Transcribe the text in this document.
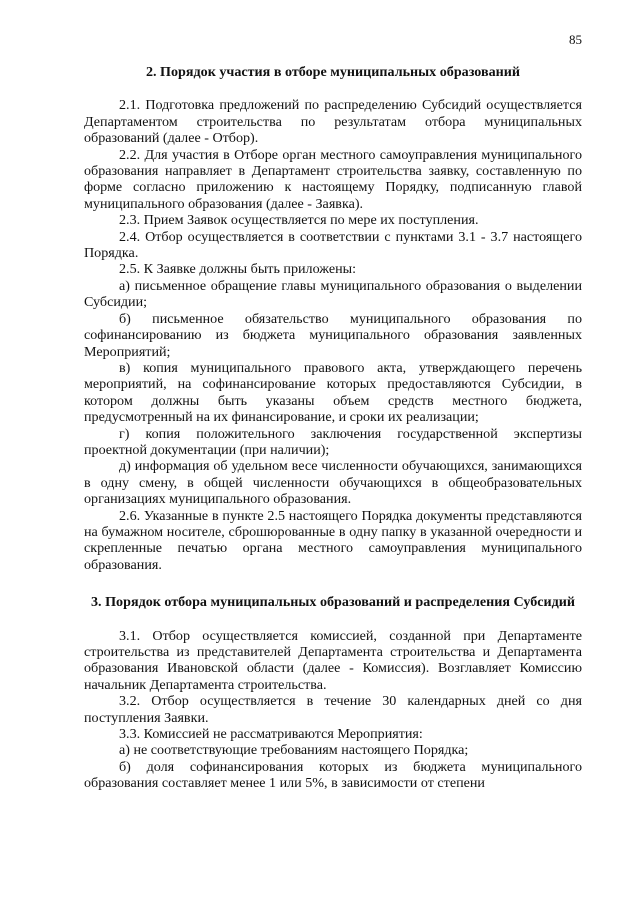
85
2. Порядок участия в отборе муниципальных образований

2.1. Подготовка предложений по распределению Субсидий осуществляется Департаментом строительства по результатам отбора муниципальных образований (далее - Отбор).

2.2. Для участия в Отборе орган местного самоуправления муниципального образования направляет в Департамент строительства заявку, составленную по форме согласно приложению к настоящему Порядку, подписанную главой муниципального образования (далее - Заявка).

2.3. Прием Заявок осуществляется по мере их поступления.

2.4. Отбор осуществляется в соответствии с пунктами 3.1 - 3.7 настоящего Порядка.

2.5. К Заявке должны быть приложены:

а) письменное обращение главы муниципального образования о выделении Субсидии;

б) письменное обязательство муниципального образования по софинансированию из бюджета муниципального образования заявленных Мероприятий;

в) копия муниципального правового акта, утверждающего перечень мероприятий, на софинансирование которых предоставляются Субсидии, в котором должны быть указаны объем средств местного бюджета, предусмотренный на их финансирование, и сроки их реализации;

г) копия положительного заключения государственной экспертизы проектной документации (при наличии);

д) информация об удельном весе численности обучающихся, занимающихся в одну смену, в общей численности обучающихся в общеобразовательных организациях муниципального образования.

2.6. Указанные в пункте 2.5 настоящего Порядка документы представляются на бумажном носителе, сброшюрованные в одну папку в указанной очередности и скрепленные печатью органа местного самоуправления муниципального образования.

3. Порядок отбора муниципальных образований и распределения Субсидий

3.1. Отбор осуществляется комиссией, созданной при Департаменте строительства из представителей Департамента строительства и Департамента образования Ивановской области (далее - Комиссия). Возглавляет Комиссию начальник Департамента строительства.

3.2. Отбор осуществляется в течение 30 календарных дней со дня поступления Заявки.

3.3. Комиссией не рассматриваются Мероприятия:

а) не соответствующие требованиям настоящего Порядка;

б) доля софинансирования которых из бюджета муниципального образования составляет менее 1 или 5%, в зависимости от степени
